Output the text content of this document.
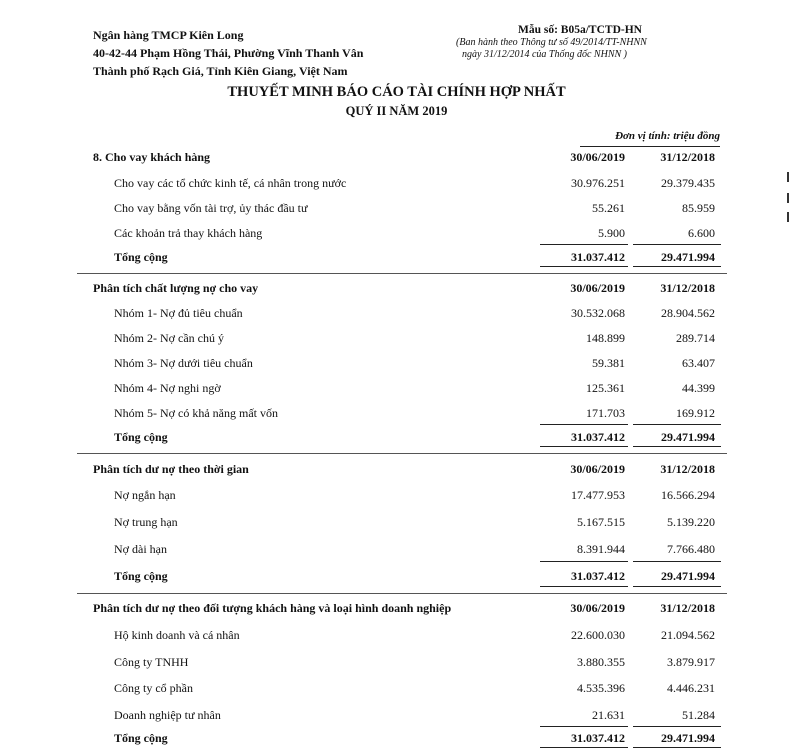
Ngân hàng TMCP Kiên Long
40-42-44 Phạm Hồng Thái, Phường Vĩnh Thanh Vân
Thành phố Rạch Giá, Tỉnh Kiên Giang, Việt Nam
Mẫu số: B05a/TCTD-HN
(Ban hành theo Thông tư số 49/2014/TT-NHNN
ngày 31/12/2014 của Thống đốc NHNN )
THUYẾT MINH BÁO CÁO TÀI CHÍNH HỢP NHẤT
QUÝ II NĂM 2019
Đơn vị tính: triệu đồng
8. Cho vay khách hàng	30/06/2019	31/12/2018
Cho vay các tổ chức kinh tế, cá nhân trong nước	30.976.251	29.379.435
Cho vay bằng vốn tài trợ, ủy thác đầu tư	55.261	85.959
Các khoản trả thay khách hàng	5.900	6.600
Tổng cộng	31.037.412	29.471.994
Phân tích chất lượng nợ cho vay	30/06/2019	31/12/2018
Nhóm 1- Nợ đủ tiêu chuẩn	30.532.068	28.904.562
Nhóm 2- Nợ cần chú ý	148.899	289.714
Nhóm 3- Nợ dưới tiêu chuẩn	59.381	63.407
Nhóm 4- Nợ nghi ngờ	125.361	44.399
Nhóm 5- Nợ có khả năng mất vốn	171.703	169.912
Tổng cộng	31.037.412	29.471.994
Phân tích dư nợ theo thời gian	30/06/2019	31/12/2018
Nợ ngắn hạn	17.477.953	16.566.294
Nợ trung hạn	5.167.515	5.139.220
Nợ dài hạn	8.391.944	7.766.480
Tổng cộng	31.037.412	29.471.994
Phân tích dư nợ theo đối tượng khách hàng và loại hình doanh nghiệp	30/06/2019	31/12/2018
Hộ kinh doanh và cá nhân	22.600.030	21.094.562
Công ty TNHH	3.880.355	3.879.917
Công ty cổ phần	4.535.396	4.446.231
Doanh nghiệp tư nhân	21.631	51.284
Tổng cộng	31.037.412	29.471.994
